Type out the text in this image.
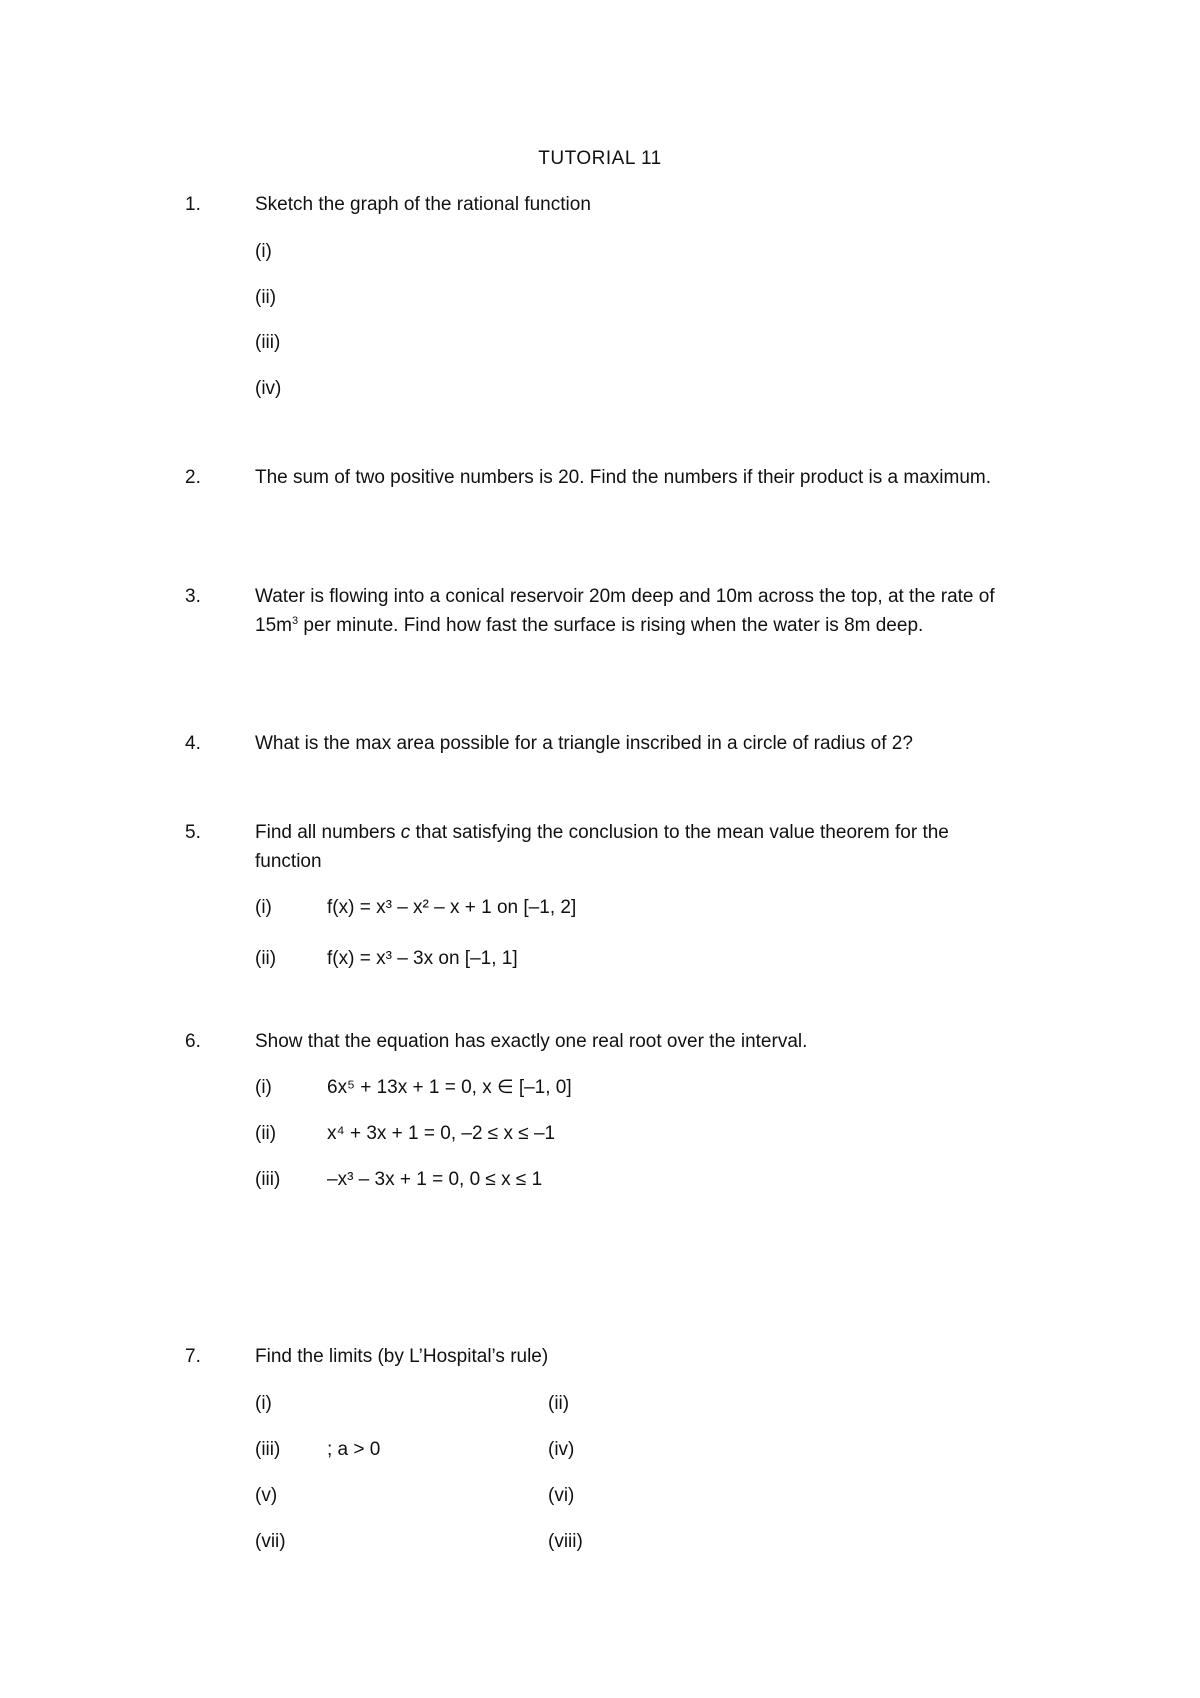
TUTORIAL 11
1.	Sketch the graph of the rational function
(i)
(ii)
(iii)
(iv)
2.	The sum of two positive numbers is 20. Find the numbers if their product is a maximum.
3.	Water is flowing into a conical reservoir 20m deep and 10m across the top, at the rate of $15m^3$ per minute. Find how fast the surface is rising when the water is 8m deep.
4.	What is the max area possible for a triangle inscribed in a circle of radius of 2?
5.	Find all numbers c that satisfying the conclusion to the mean value theorem for the function
(i)	f(x) = x³ – x² – x + 1 on [–1, 2]
(ii)	f(x) = x³ – 3x on [–1, 1]
6.	Show that the equation has exactly one real root over the interval.
(i)	6x⁵ + 13x + 1 = 0, x ∈ [–1, 0]
(ii)	x⁴ + 3x + 1 = 0, –2 ≤ x ≤ –1
(iii) –x³ – 3x + 1 = 0, 0 ≤ x ≤ 1
7.	Find the limits (by L’Hospital’s rule)
(i)	(ii)
(iii) ; a > 0	(iv)
(v)	(vi)
(vii)	(viii)
